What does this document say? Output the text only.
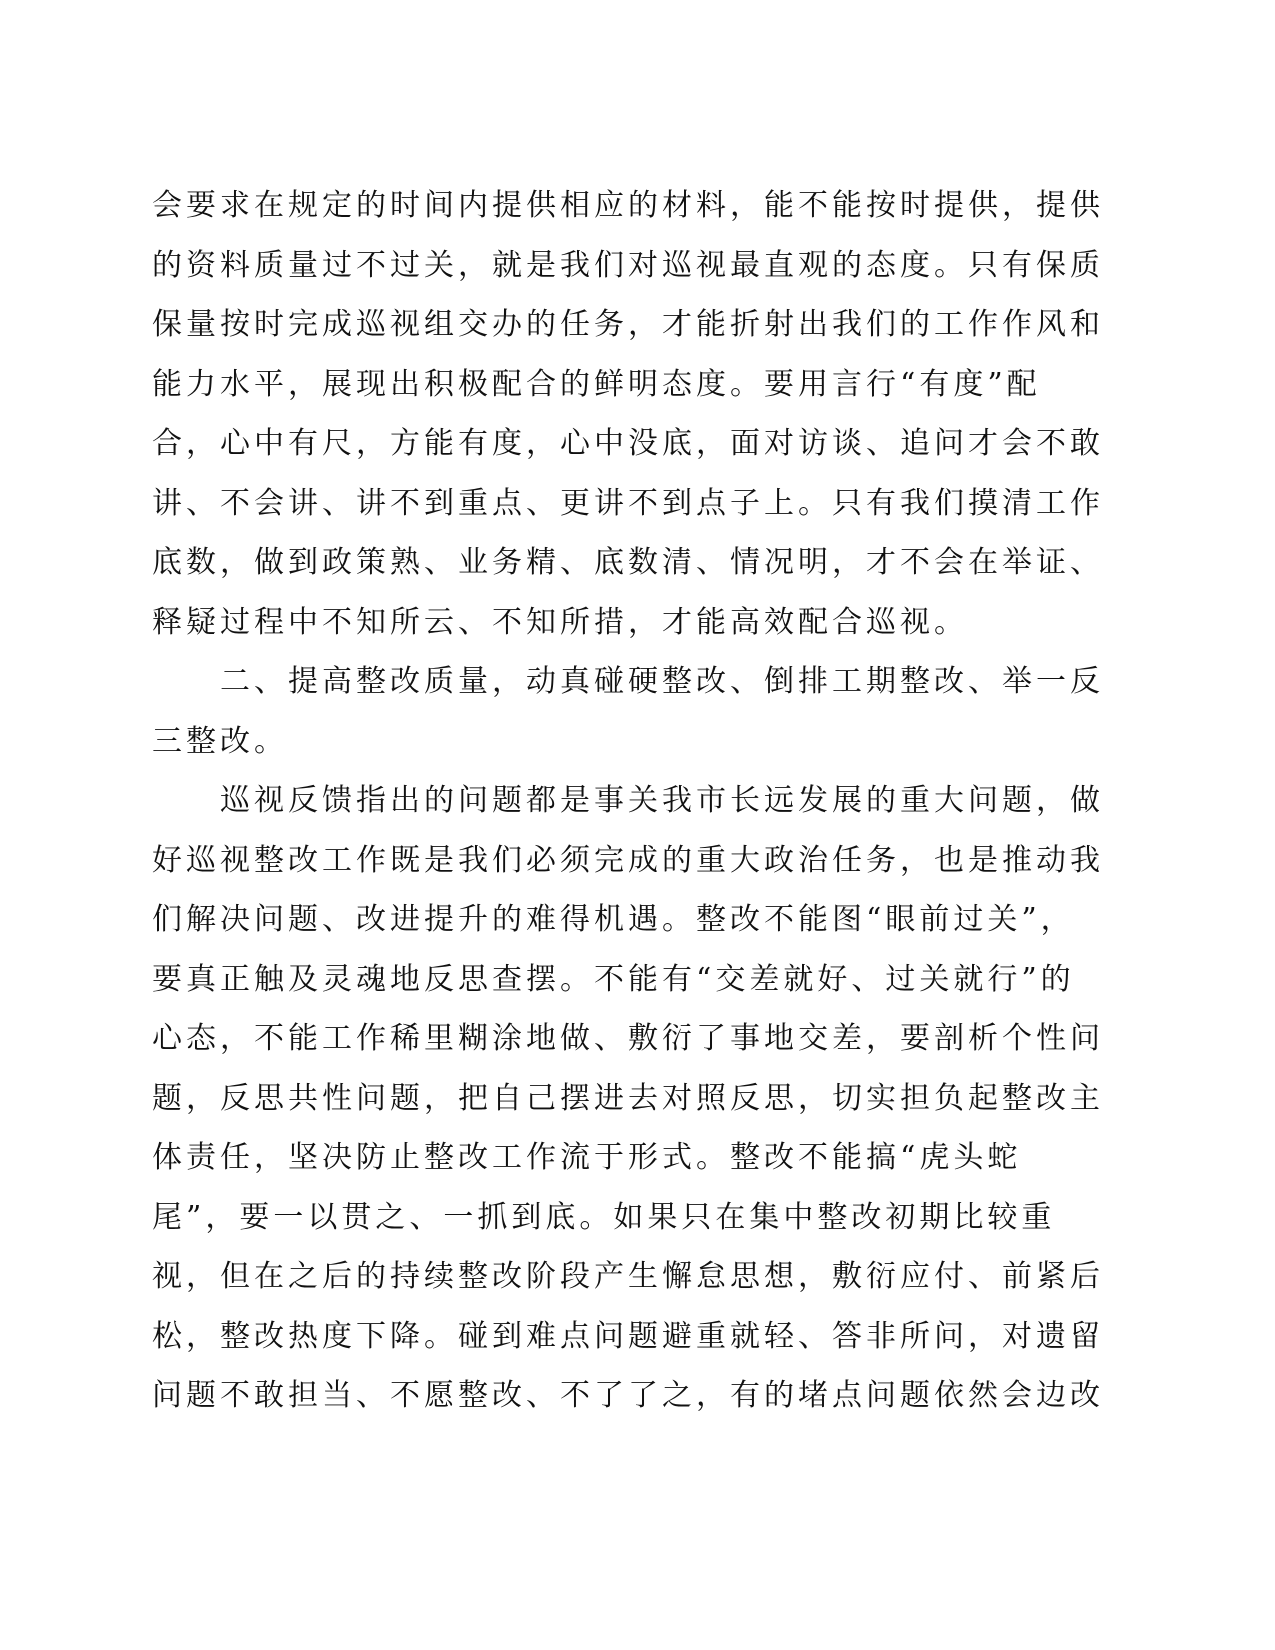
会要求在规定的时间内提供相应的材料，能不能按时提供，提供
的资料质量过不过关，就是我们对巡视最直观的态度。只有保质
保量按时完成巡视组交办的任务，才能折射出我们的工作作风和
能力水平，展现出积极配合的鲜明态度。要用言行“有度”配
合，心中有尺，方能有度，心中没底，面对访谈、追问才会不敢
讲、不会讲、讲不到重点、更讲不到点子上。只有我们摸清工作
底数，做到政策熟、业务精、底数清、情况明，才不会在举证、
释疑过程中不知所云、不知所措，才能高效配合巡视。
　　二、提高整改质量，动真碰硬整改、倒排工期整改、举一反
三整改。
　　巡视反馈指出的问题都是事关我市长远发展的重大问题，做
好巡视整改工作既是我们必须完成的重大政治任务，也是推动我
们解决问题、改进提升的难得机遇。整改不能图“眼前过关”，
要真正触及灵魂地反思查摆。不能有“交差就好、过关就行”的
心态，不能工作稀里糊涂地做、敷衍了事地交差，要剖析个性问
题，反思共性问题，把自己摆进去对照反思，切实担负起整改主
体责任，坚决防止整改工作流于形式。整改不能搞“虎头蛇
尾”，要一以贯之、一抓到底。如果只在集中整改初期比较重
视，但在之后的持续整改阶段产生懈怠思想，敷衍应付、前紧后
松，整改热度下降。碰到难点问题避重就轻、答非所问，对遗留
问题不敢担当、不愿整改、不了了之，有的堵点问题依然会边改
